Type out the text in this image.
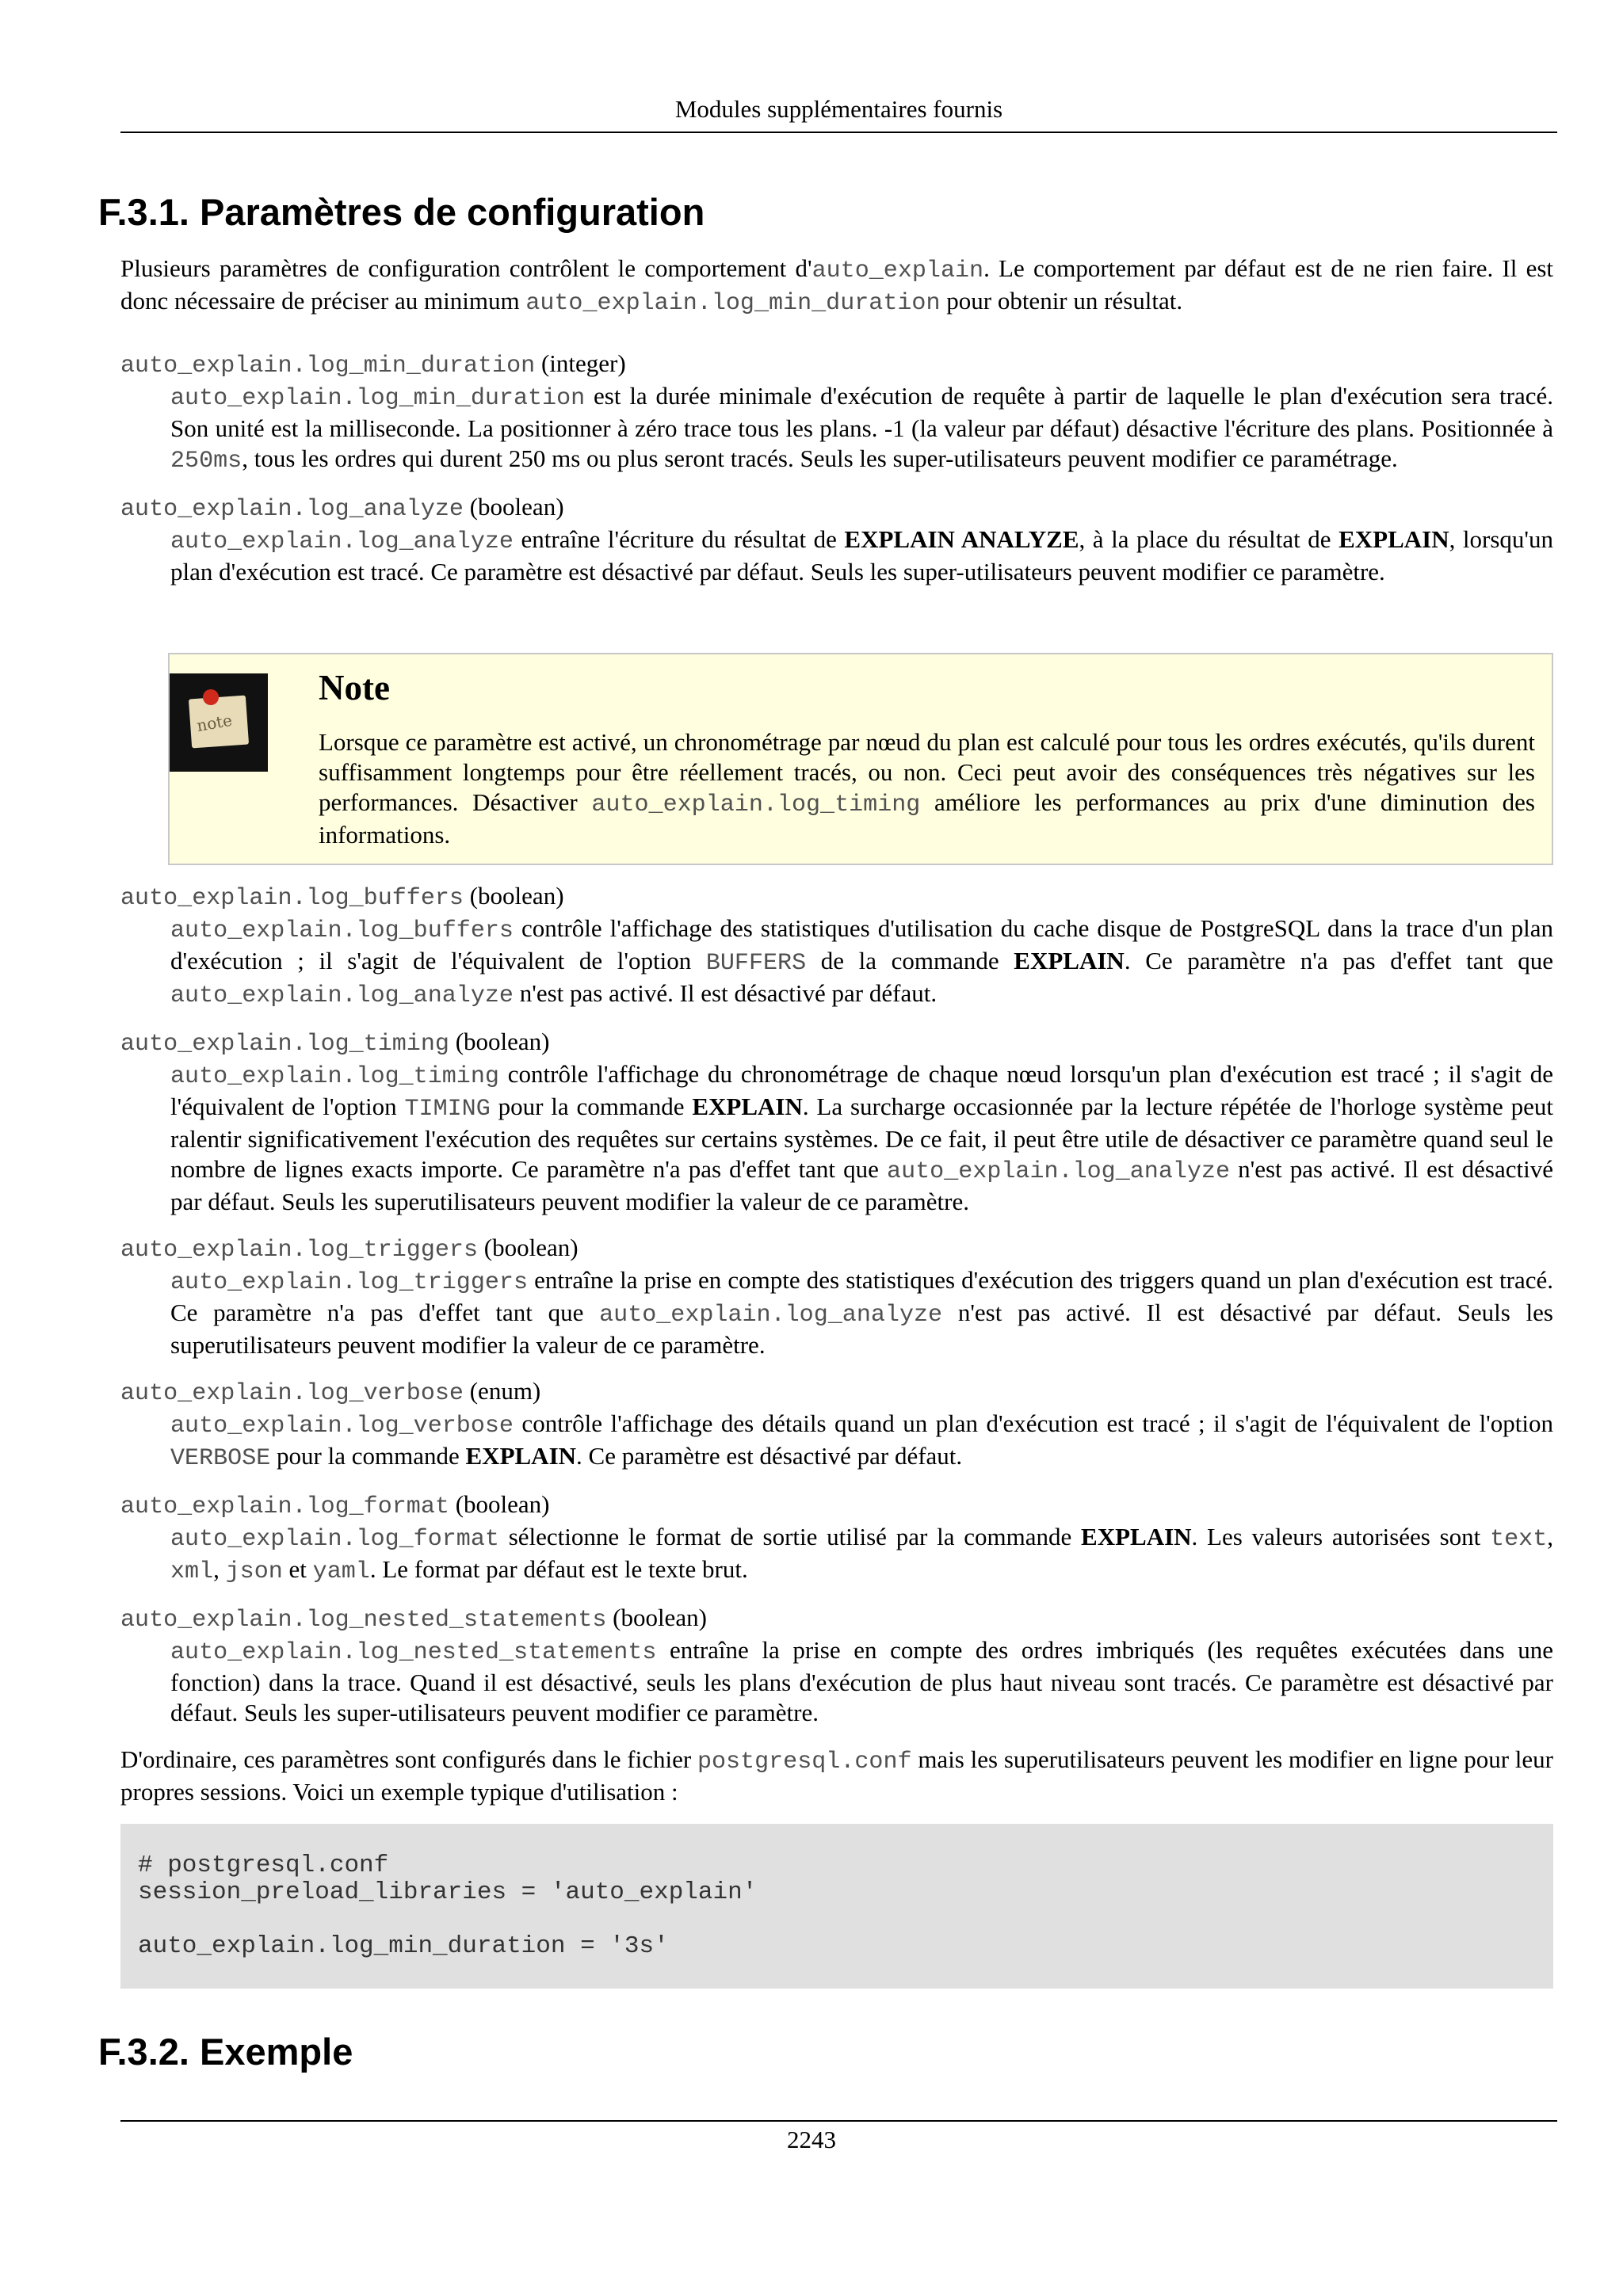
Modules supplémentaires fournis
F.3.1. Paramètres de configuration

Plusieurs paramètres de configuration contrôlent le comportement d'auto_explain. Le comportement par défaut est de ne rien faire. Il est donc nécessaire de préciser au minimum auto_explain.log_min_duration pour obtenir un résultat.

auto_explain.log_min_duration (integer)
auto_explain.log_min_duration est la durée minimale d'exécution de requête à partir de laquelle le plan d'exécution sera tracé. Son unité est la milliseconde. La positionner à zéro trace tous les plans. -1 (la valeur par défaut) désactive l'écriture des plans. Positionnée à 250ms, tous les ordres qui durent 250 ms ou plus seront tracés. Seuls les super-utilisateurs peuvent modifier ce paramétrage.
auto_explain.log_analyze (boolean)
auto_explain.log_analyze entraîne l'écriture du résultat de EXPLAIN ANALYZE, à la place du résultat de EXPLAIN, lorsqu'un plan d'exécution est tracé. Ce paramètre est désactivé par défaut. Seuls les super-utilisateurs peuvent modifier ce paramètre.
note
Note

Lorsque ce paramètre est activé, un chronométrage par nœud du plan est calculé pour tous les ordres exécutés, qu'ils durent suffisamment longtemps pour être réellement tracés, ou non. Ceci peut avoir des conséquences très négatives sur les performances. Désactiver auto_explain.log_timing améliore les performances au prix d'une diminution des informations.

auto_explain.log_buffers (boolean)
auto_explain.log_buffers contrôle l'affichage des statistiques d'utilisation du cache disque de PostgreSQL dans la trace d'un plan d'exécution ; il s'agit de l'équivalent de l'option BUFFERS de la commande EXPLAIN. Ce paramètre n'a pas d'effet tant que auto_explain.log_analyze n'est pas activé. Il est désactivé par défaut.
auto_explain.log_timing (boolean)
auto_explain.log_timing contrôle l'affichage du chronométrage de chaque nœud lorsqu'un plan d'exécution est tracé ; il s'agit de l'équivalent de l'option TIMING pour la commande EXPLAIN. La surcharge occasionnée par la lecture répétée de l'horloge système peut ralentir significativement l'exécution des requêtes sur certains systèmes. De ce fait, il peut être utile de désactiver ce paramètre quand seul le nombre de lignes exacts importe. Ce paramètre n'a pas d'effet tant que auto_explain.log_analyze n'est pas activé. Il est désactivé par défaut. Seuls les superutilisateurs peuvent modifier la valeur de ce paramètre.
auto_explain.log_triggers (boolean)
auto_explain.log_triggers entraîne la prise en compte des statistiques d'exécution des triggers quand un plan d'exécution est tracé. Ce paramètre n'a pas d'effet tant que auto_explain.log_analyze n'est pas activé. Il est désactivé par défaut. Seuls les superutilisateurs peuvent modifier la valeur de ce paramètre.
auto_explain.log_verbose (enum)
auto_explain.log_verbose contrôle l'affichage des détails quand un plan d'exécution est tracé ; il s'agit de l'équivalent de l'option VERBOSE pour la commande EXPLAIN. Ce paramètre est désactivé par défaut.
auto_explain.log_format (boolean)
auto_explain.log_format sélectionne le format de sortie utilisé par la commande EXPLAIN. Les valeurs autorisées sont text, xml, json et yaml. Le format par défaut est le texte brut.
auto_explain.log_nested_statements (boolean)
auto_explain.log_nested_statements entraîne la prise en compte des ordres imbriqués (les requêtes exécutées dans une fonction) dans la trace. Quand il est désactivé, seuls les plans d'exécution de plus haut niveau sont tracés. Ce paramètre est désactivé par défaut. Seuls les super-utilisateurs peuvent modifier ce paramètre.

D'ordinaire, ces paramètres sont configurés dans le fichier postgresql.conf mais les superutilisateurs peuvent les modifier en ligne pour leur propres sessions. Voici un exemple typique d'utilisation :

# postgresql.conf
session_preload_libraries = 'auto_explain'

auto_explain.log_min_duration = '3s'
F.3.2. Exemple
2243
